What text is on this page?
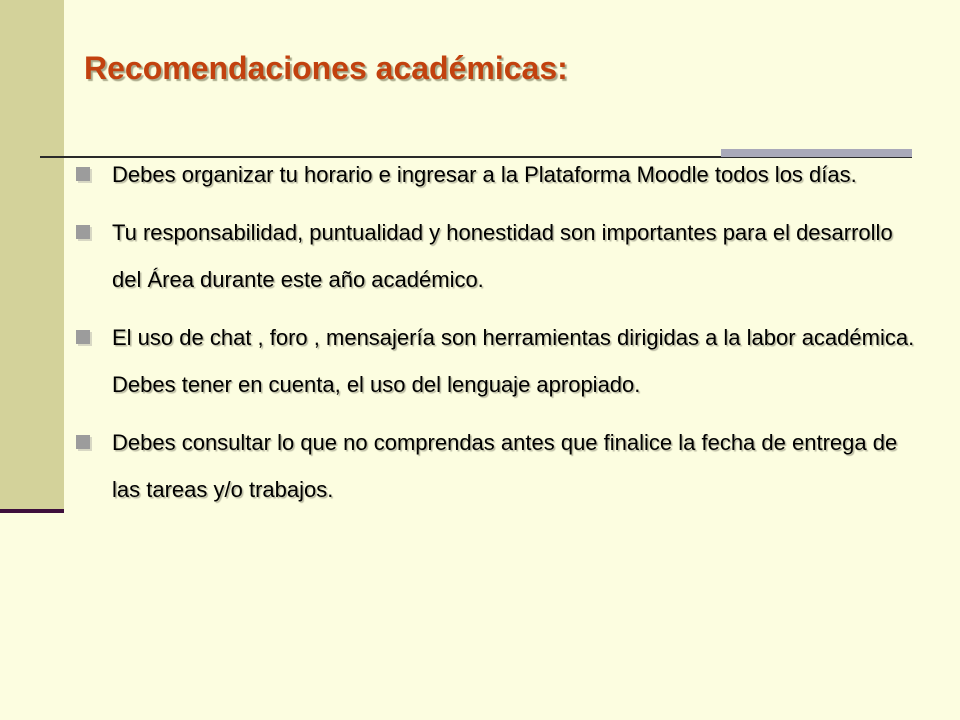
Recomendaciones académicas:
Debes organizar tu horario e ingresar a la Plataforma Moodle todos los días.
Tu responsabilidad, puntualidad y honestidad son importantes para el desarrollo del Área durante este año académico.
El uso de chat , foro , mensajería son herramientas dirigidas a la labor académica. Debes tener en cuenta, el uso del lenguaje apropiado.
Debes consultar lo que no comprendas antes que finalice la fecha de entrega de las tareas y/o trabajos.
